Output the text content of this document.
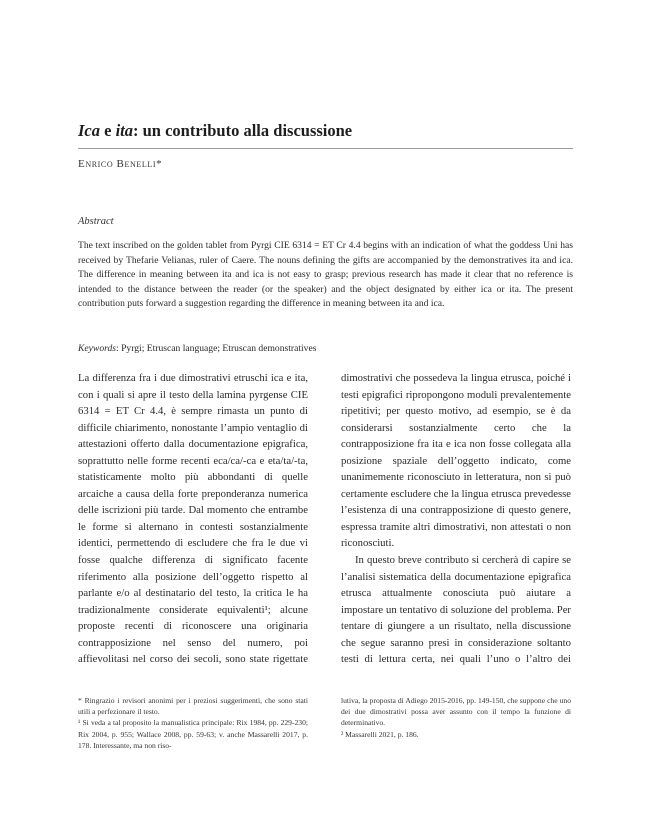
Ica e ita: un contributo alla discussione
Enrico Benelli*

Abstract

The text inscribed on the golden tablet from Pyrgi CIE 6314 = ET Cr 4.4 begins with an indication of what the goddess Uni has received by Thefarie Velianas, ruler of Caere. The nouns defining the gifts are accompanied by the demonstratives ita and ica. The difference in meaning between ita and ica is not easy to grasp; previous research has made it clear that no reference is intended to the distance between the reader (or the speaker) and the object designated by either ica or ita. The present contribution puts forward a suggestion regarding the difference in meaning between ita and ica.

Keywords: Pyrgi; Etruscan language; Etruscan demonstratives

La differenza fra i due dimostrativi etruschi ica e ita, con i quali si apre il testo della lamina pyrgense CIE 6314 = ET Cr 4.4, è sempre rimasta un punto di difficile chiarimento, nonostante l’ampio ventaglio di attestazioni offerto dalla documentazione epigrafica, soprattutto nelle forme recenti eca/ca/-ca e eta/ta/-ta, statisticamente molto più abbondanti di quelle arcaiche a causa della forte preponderanza numerica delle iscrizioni più tarde. Dal momento che entrambe le forme si alternano in contesti sostanzialmente identici, permettendo di escludere che fra le due vi fosse qualche differenza di significato facente riferimento alla posizione dell’oggetto rispetto al parlante e/o al destinatario del testo, la critica le ha tradizionalmente considerate equivalenti¹; alcune proposte recenti di riconoscere una originaria contrapposizione nel senso del numero, poi affievolitasi nel corso dei secoli, sono state rigettate

dimostrativi che possedeva la lingua etrusca, poiché i testi epigrafici ripropongono moduli prevalentemente ripetitivi; per questo motivo, ad esempio, se è da considerarsi sostanzialmente certo che la contrapposizione fra ita e ica non fosse collegata alla posizione spaziale dell’oggetto indicato, come unanimemente riconosciuto in letteratura, non si può certamente escludere che la lingua etrusca prevedesse l’esistenza di una contrapposizione di questo genere, espressa tramite altri dimostrativi, non attestati o non riconosciuti.

In questo breve contributo si cercherà di capire se l’analisi sistematica della documentazione epigrafica etrusca attualmente conosciuta può aiutare a impostare un tentativo di soluzione del problema. Per tentare di giungere a un risultato, nella discussione che segue saranno presi in considerazione soltanto testi di lettura certa, nei quali l’uno o l’altro dei

* Ringrazio i revisori anonimi per i preziosi suggerimenti, che sono stati utili a perfezionare il testo.

¹ Si veda a tal proposito la manualistica principale: Rix 1984, pp. 229-230; Rix 2004, p. 955; Wallace 2008, pp. 59-63; v. anche Massarelli 2017, p. 178. Interessante, ma non riso-

lutiva, la proposta di Adiego 2015-2016, pp. 149-150, che suppone che uno dei due dimostrativi possa aver assunto con il tempo la funzione di determinativo.

² Massarelli 2021, p. 186.
